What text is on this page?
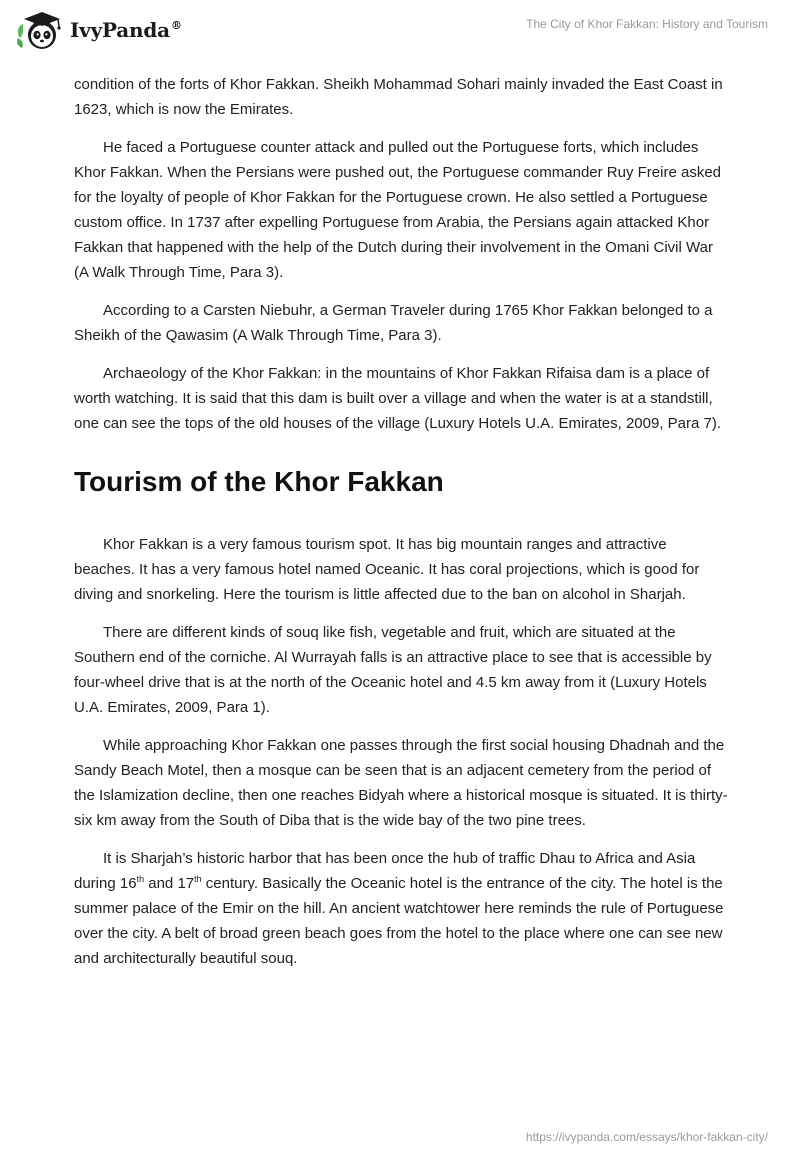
IvyPanda®	The City of Khor Fakkan: History and Tourism

condition of the forts of Khor Fakkan. Sheikh Mohammad Sohari mainly invaded the East Coast in 1623, which is now the Emirates.

He faced a Portuguese counter attack and pulled out the Portuguese forts, which includes Khor Fakkan. When the Persians were pushed out, the Portuguese commander Ruy Freire asked for the loyalty of people of Khor Fakkan for the Portuguese crown. He also settled a Portuguese custom office. In 1737 after expelling Portuguese from Arabia, the Persians again attacked Khor Fakkan that happened with the help of the Dutch during their involvement in the Omani Civil War (A Walk Through Time, Para 3).

According to a Carsten Niebuhr, a German Traveler during 1765 Khor Fakkan belonged to a Sheikh of the Qawasim (A Walk Through Time, Para 3).

Archaeology of the Khor Fakkan: in the mountains of Khor Fakkan Rifaisa dam is a place of worth watching. It is said that this dam is built over a village and when the water is at a standstill, one can see the tops of the old houses of the village (Luxury Hotels U.A. Emirates, 2009, Para 7).

Tourism of the Khor Fakkan

Khor Fakkan is a very famous tourism spot. It has big mountain ranges and attractive beaches. It has a very famous hotel named Oceanic. It has coral projections, which is good for diving and snorkeling. Here the tourism is little affected due to the ban on alcohol in Sharjah.

There are different kinds of souq like fish, vegetable and fruit, which are situated at the Southern end of the corniche. Al Wurrayah falls is an attractive place to see that is accessible by four-wheel drive that is at the north of the Oceanic hotel and 4.5 km away from it (Luxury Hotels U.A. Emirates, 2009, Para 1).

While approaching Khor Fakkan one passes through the first social housing Dhadnah and the Sandy Beach Motel, then a mosque can be seen that is an adjacent cemetery from the period of the Islamization decline, then one reaches Bidyah where a historical mosque is situated. It is thirty-six km away from the South of Diba that is the wide bay of the two pine trees.

It is Sharjah’s historic harbor that has been once the hub of traffic Dhau to Africa and Asia during 16th and 17th century. Basically the Oceanic hotel is the entrance of the city. The hotel is the summer palace of the Emir on the hill. An ancient watchtower here reminds the rule of Portuguese over the city. A belt of broad green beach goes from the hotel to the place where one can see new and architecturally beautiful souq.

https://ivypanda.com/essays/khor-fakkan-city/
